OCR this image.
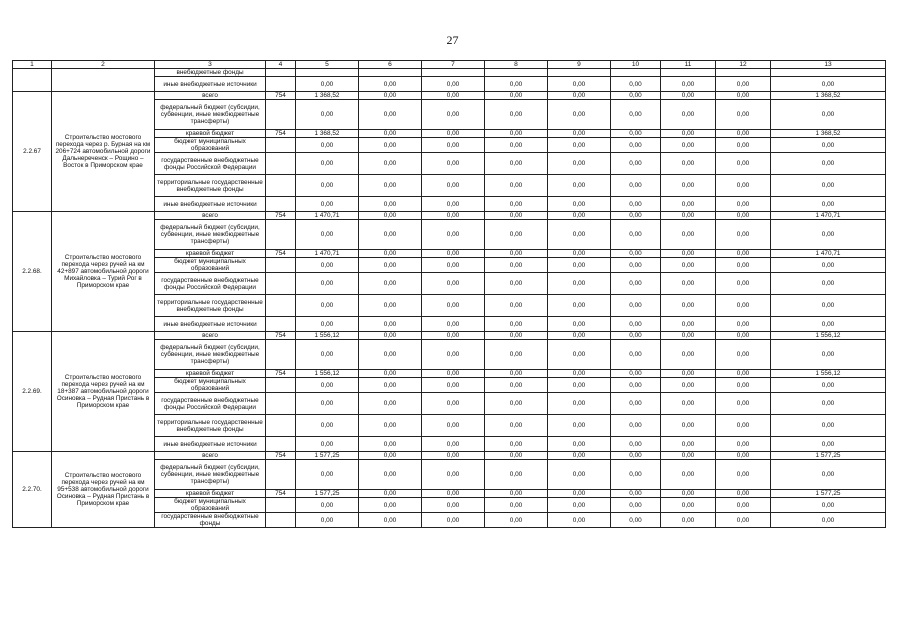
27
1	2	3	4	5	6	7	8	9	10	11	12	13
		внебюджетные фонды										
		иные внебюджетные источники		0,00	0,00	0,00	0,00	0,00	0,00	0,00	0,00	0,00
2.2.67	Строительство мостового перехода через р. Бурная на км 206+724 автомобильной дороги Дальнереченск – Рощино – Восток в Приморском крае	всего	754	1 368,52	0,00	0,00	0,00	0,00	0,00	0,00	0,00	1 368,52
		федеральный бюджет (субсидии, субвенции, иные межбюджетные трансферты)		0,00	0,00	0,00	0,00	0,00	0,00	0,00	0,00	0,00
		краевой бюджет	754	1 368,52	0,00	0,00	0,00	0,00	0,00	0,00	0,00	1 368,52
		бюджет муниципальных образований		0,00	0,00	0,00	0,00	0,00	0,00	0,00	0,00	0,00
		государственные внебюджетные фонды Российской Федерации		0,00	0,00	0,00	0,00	0,00	0,00	0,00	0,00	0,00
		территориальные государственные внебюджетные фонды		0,00	0,00	0,00	0,00	0,00	0,00	0,00	0,00	0,00
		иные внебюджетные источники		0,00	0,00	0,00	0,00	0,00	0,00	0,00	0,00	0,00
2.2.68.	Строительство мостового перехода через ручей на км 42+897 автомобильной дороги Михайловка – Турий Рог в Приморском крае	всего	754	1 470,71	0,00	0,00	0,00	0,00	0,00	0,00	0,00	1 470,71
		федеральный бюджет (субсидии, субвенции, иные межбюджетные трансферты)		0,00	0,00	0,00	0,00	0,00	0,00	0,00	0,00	0,00
		краевой бюджет	754	1 470,71	0,00	0,00	0,00	0,00	0,00	0,00	0,00	1 470,71
		бюджет муниципальных образований		0,00	0,00	0,00	0,00	0,00	0,00	0,00	0,00	0,00
		государственные внебюджетные фонды Российской Федерации		0,00	0,00	0,00	0,00	0,00	0,00	0,00	0,00	0,00
		территориальные государственные внебюджетные фонды		0,00	0,00	0,00	0,00	0,00	0,00	0,00	0,00	0,00
		иные внебюджетные источники		0,00	0,00	0,00	0,00	0,00	0,00	0,00	0,00	0,00
2.2.69.	Строительство мостового перехода через ручей на км 18+387 автомобильной дороги Осиновка – Рудная Пристань в Приморском крае	всего	754	1 556,12	0,00	0,00	0,00	0,00	0,00	0,00	0,00	1 556,12
		федеральный бюджет (субсидии, субвенции, иные межбюджетные трансферты)		0,00	0,00	0,00	0,00	0,00	0,00	0,00	0,00	0,00
		краевой бюджет	754	1 556,12	0,00	0,00	0,00	0,00	0,00	0,00	0,00	1 556,12
		бюджет муниципальных образований		0,00	0,00	0,00	0,00	0,00	0,00	0,00	0,00	0,00
		государственные внебюджетные фонды Российской Федерации		0,00	0,00	0,00	0,00	0,00	0,00	0,00	0,00	0,00
		территориальные государственные внебюджетные фонды		0,00	0,00	0,00	0,00	0,00	0,00	0,00	0,00	0,00
		иные внебюджетные источники		0,00	0,00	0,00	0,00	0,00	0,00	0,00	0,00	0,00
2.2.70.	Строительство мостового перехода через ручей на км 95+538 автомобильной дороги Осиновка – Рудная Пристань в Приморском крае	всего	754	1 577,25	0,00	0,00	0,00	0,00	0,00	0,00	0,00	1 577,25
		федеральный бюджет (субсидии, субвенции, иные межбюджетные трансферты)		0,00	0,00	0,00	0,00	0,00	0,00	0,00	0,00	0,00
		краевой бюджет	754	1 577,25	0,00	0,00	0,00	0,00	0,00	0,00	0,00	1 577,25
		бюджет муниципальных образований		0,00	0,00	0,00	0,00	0,00	0,00	0,00	0,00	0,00
		государственные внебюджетные фонды		0,00	0,00	0,00	0,00	0,00	0,00	0,00	0,00	0,00
